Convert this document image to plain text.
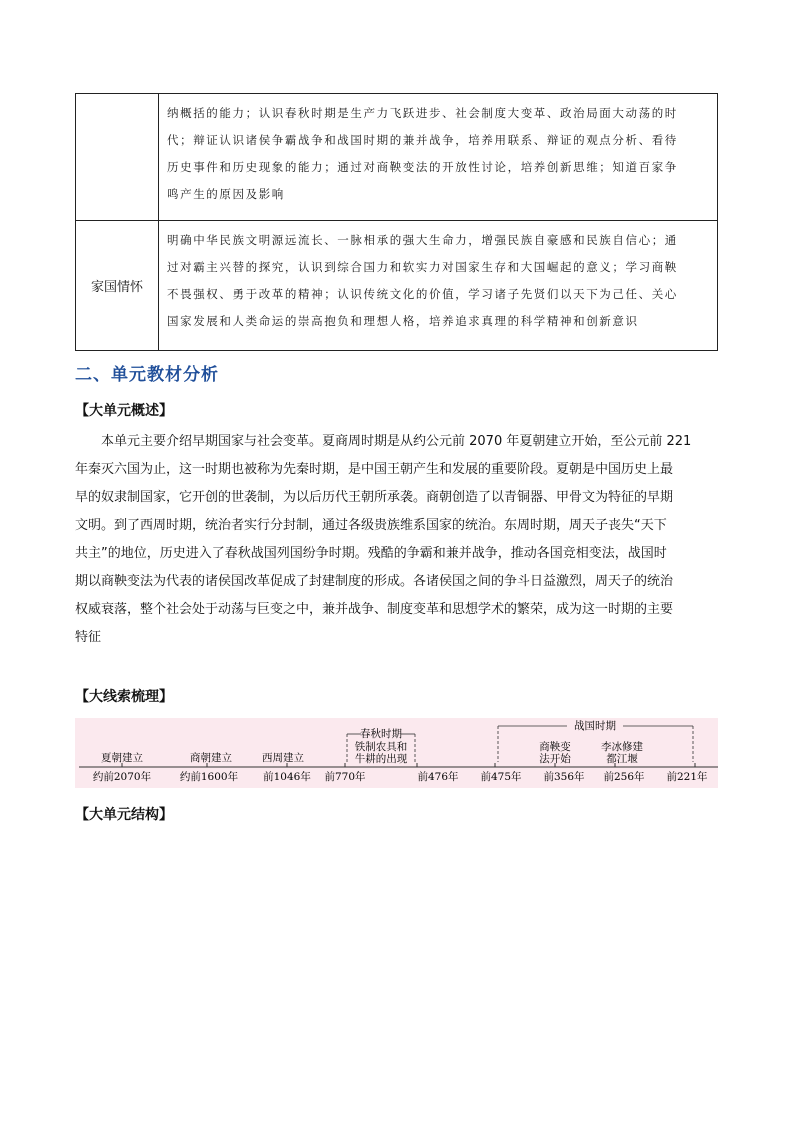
纳概括的能力；认识春秋时期是生产力飞跃进步、社会制度大变革、政治局面大动荡的时
代；辩证认识诸侯争霸战争和战国时期的兼并战争，培养用联系、辩证的观点分析、看待
历史事件和历史现象的能力；通过对商鞅变法的开放性讨论，培养创新思维；知道百家争
鸣产生的原因及影响
家国情怀
明确中华民族文明源远流长、一脉相承的强大生命力，增强民族自豪感和民族自信心；通
过对霸主兴替的探究，认识到综合国力和软实力对国家生存和大国崛起的意义；学习商鞅
不畏强权、勇于改革的精神；认识传统文化的价值，学习诸子先贤们以天下为己任、关心
国家发展和人类命运的崇高抱负和理想人格，培养追求真理的科学精神和创新意识
二、单元教材分析
【大单元概述】
　　本单元主要介绍早期国家与社会变革。夏商周时期是从约公元前 2070 年夏朝建立开始，至公元前 221
年秦灭六国为止，这一时期也被称为先秦时期，是中国王朝产生和发展的重要阶段。夏朝是中国历史上最
早的奴隶制国家，它开创的世袭制，为以后历代王朝所承袭。商朝创造了以青铜器、甲骨文为特征的早期
文明。到了西周时期，统治者实行分封制，通过各级贵族维系国家的统治。东周时期，周天子丧失“天下
共主”的地位，历史进入了春秋战国列国纷争时期。残酷的争霸和兼并战争，推动各国竞相变法，战国时
期以商鞅变法为代表的诸侯国改革促成了封建制度的形成。各诸侯国之间的争斗日益激烈，周天子的统治
权威衰落，整个社会处于动荡与巨变之中，兼并战争、制度变革和思想学术的繁荣，成为这一时期的主要
特征
【大线索梳理】
夏朝建立	商朝建立	西周建立
春秋时期
铁制农具和
牛耕的出现
战国时期
商鞅变
法开始
李冰修建
都江堰
约前2070年	约前1600年 前1046年 前770年	前476年 前475年 前356年 前256年 前221年
【大单元结构】
